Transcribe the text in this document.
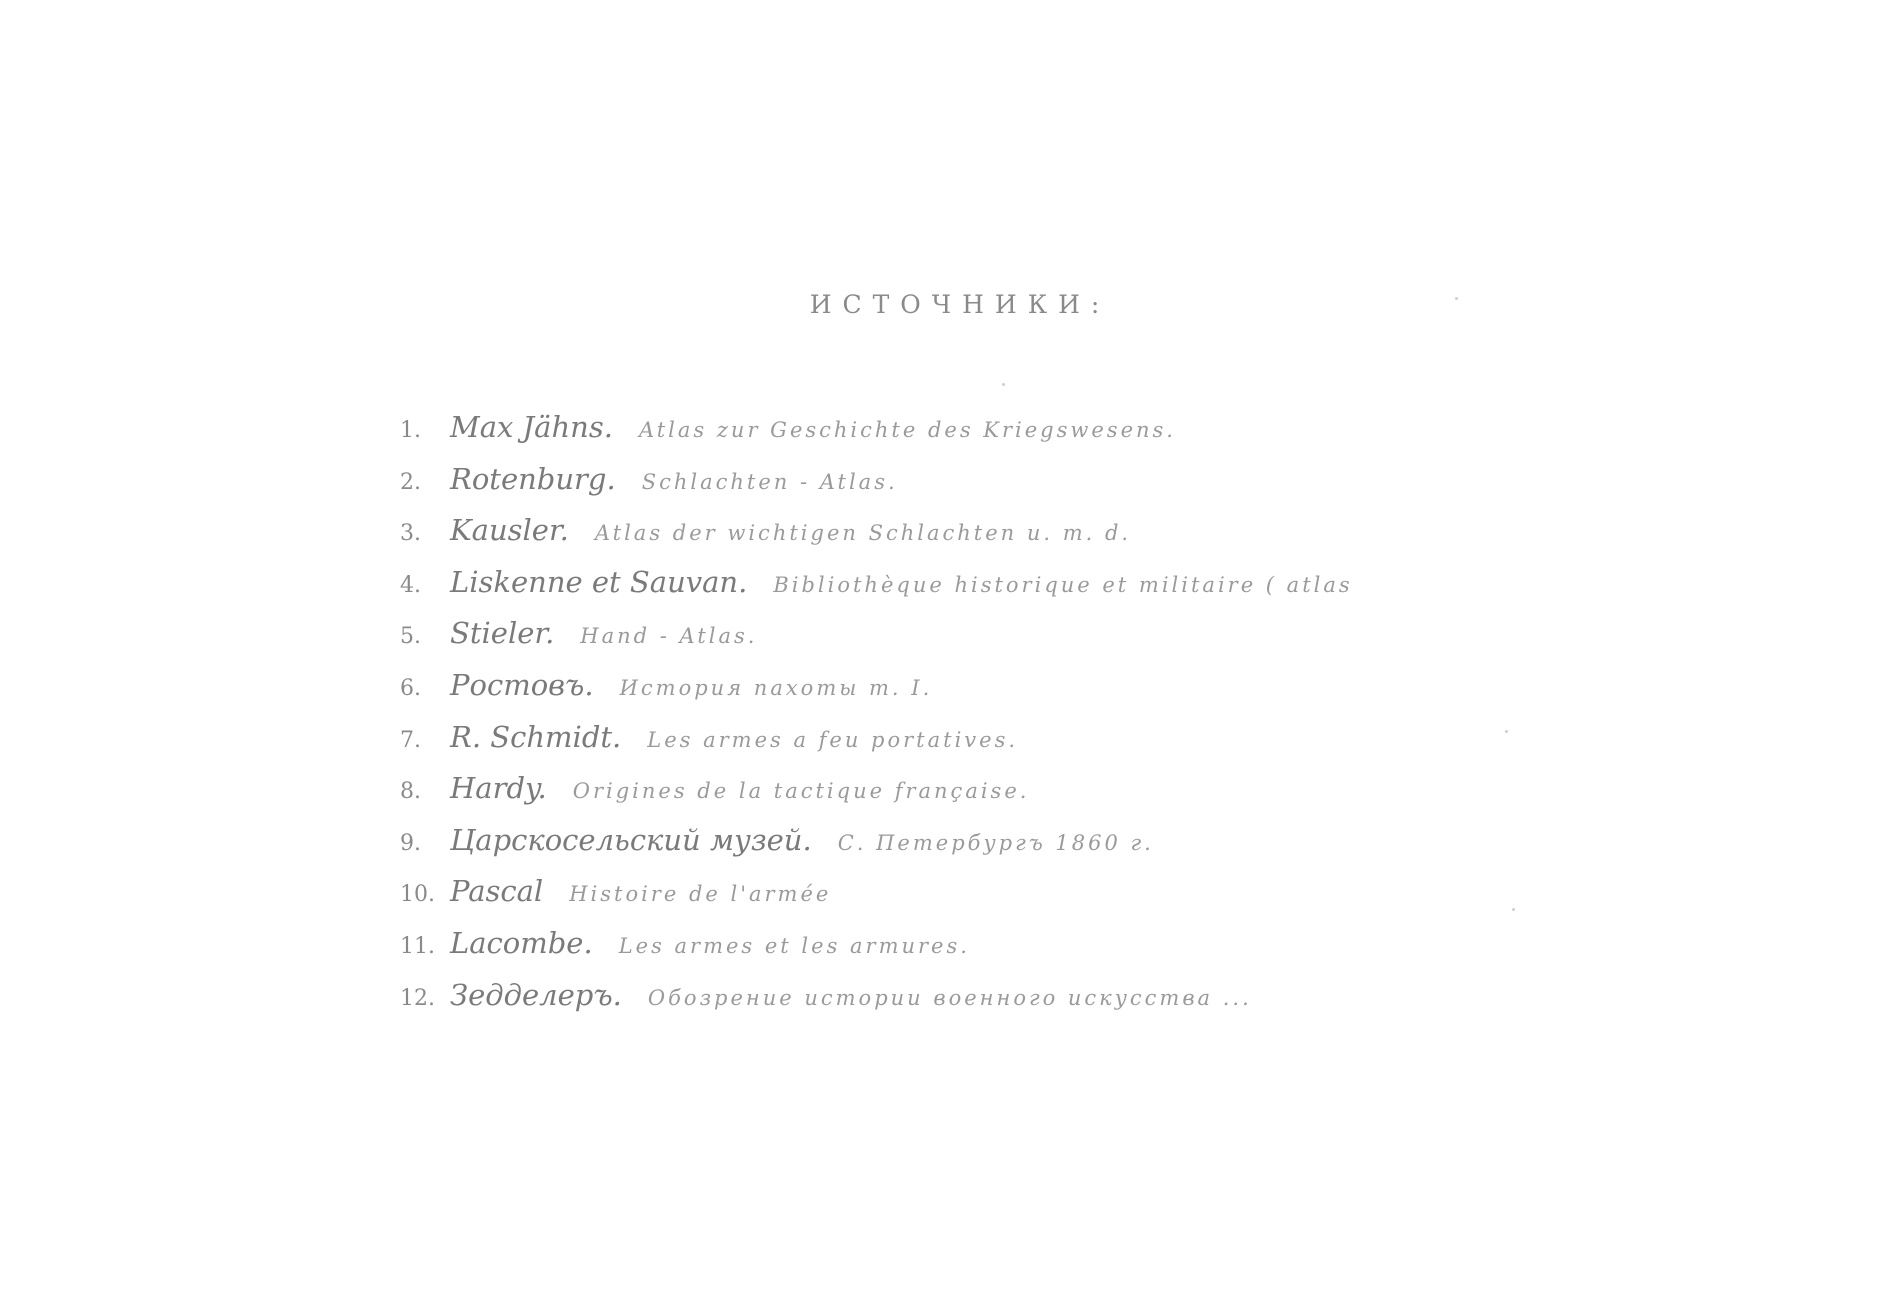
ИСТОЧНИКИ:
1.	Max Jähns. Atlas zur Geschichte des Kriegswesens.
2.	Rotenburg. Schlachten - Atlas.
3.	Kausler. Atlas der wichtigen Schlachten u. m. d.
4.	Liskenne et Sauvan. Bibliothèque historique et militaire ( atlas
5.	Stieler. Hand - Atlas.
6.	Ростовъ. История пахоты т. I.
7.	R. Schmidt. Les armes a feu portatives.
8.	Hardy. Origines de la tactique française.
9.	Царскосельский музей. С. Петербургъ 1860 г.
10. Pascal Histoire de l'armée
11. Lacombe. Les armes et les armures.
12. Зедделеръ. Обозрение истории военного искусства ...
